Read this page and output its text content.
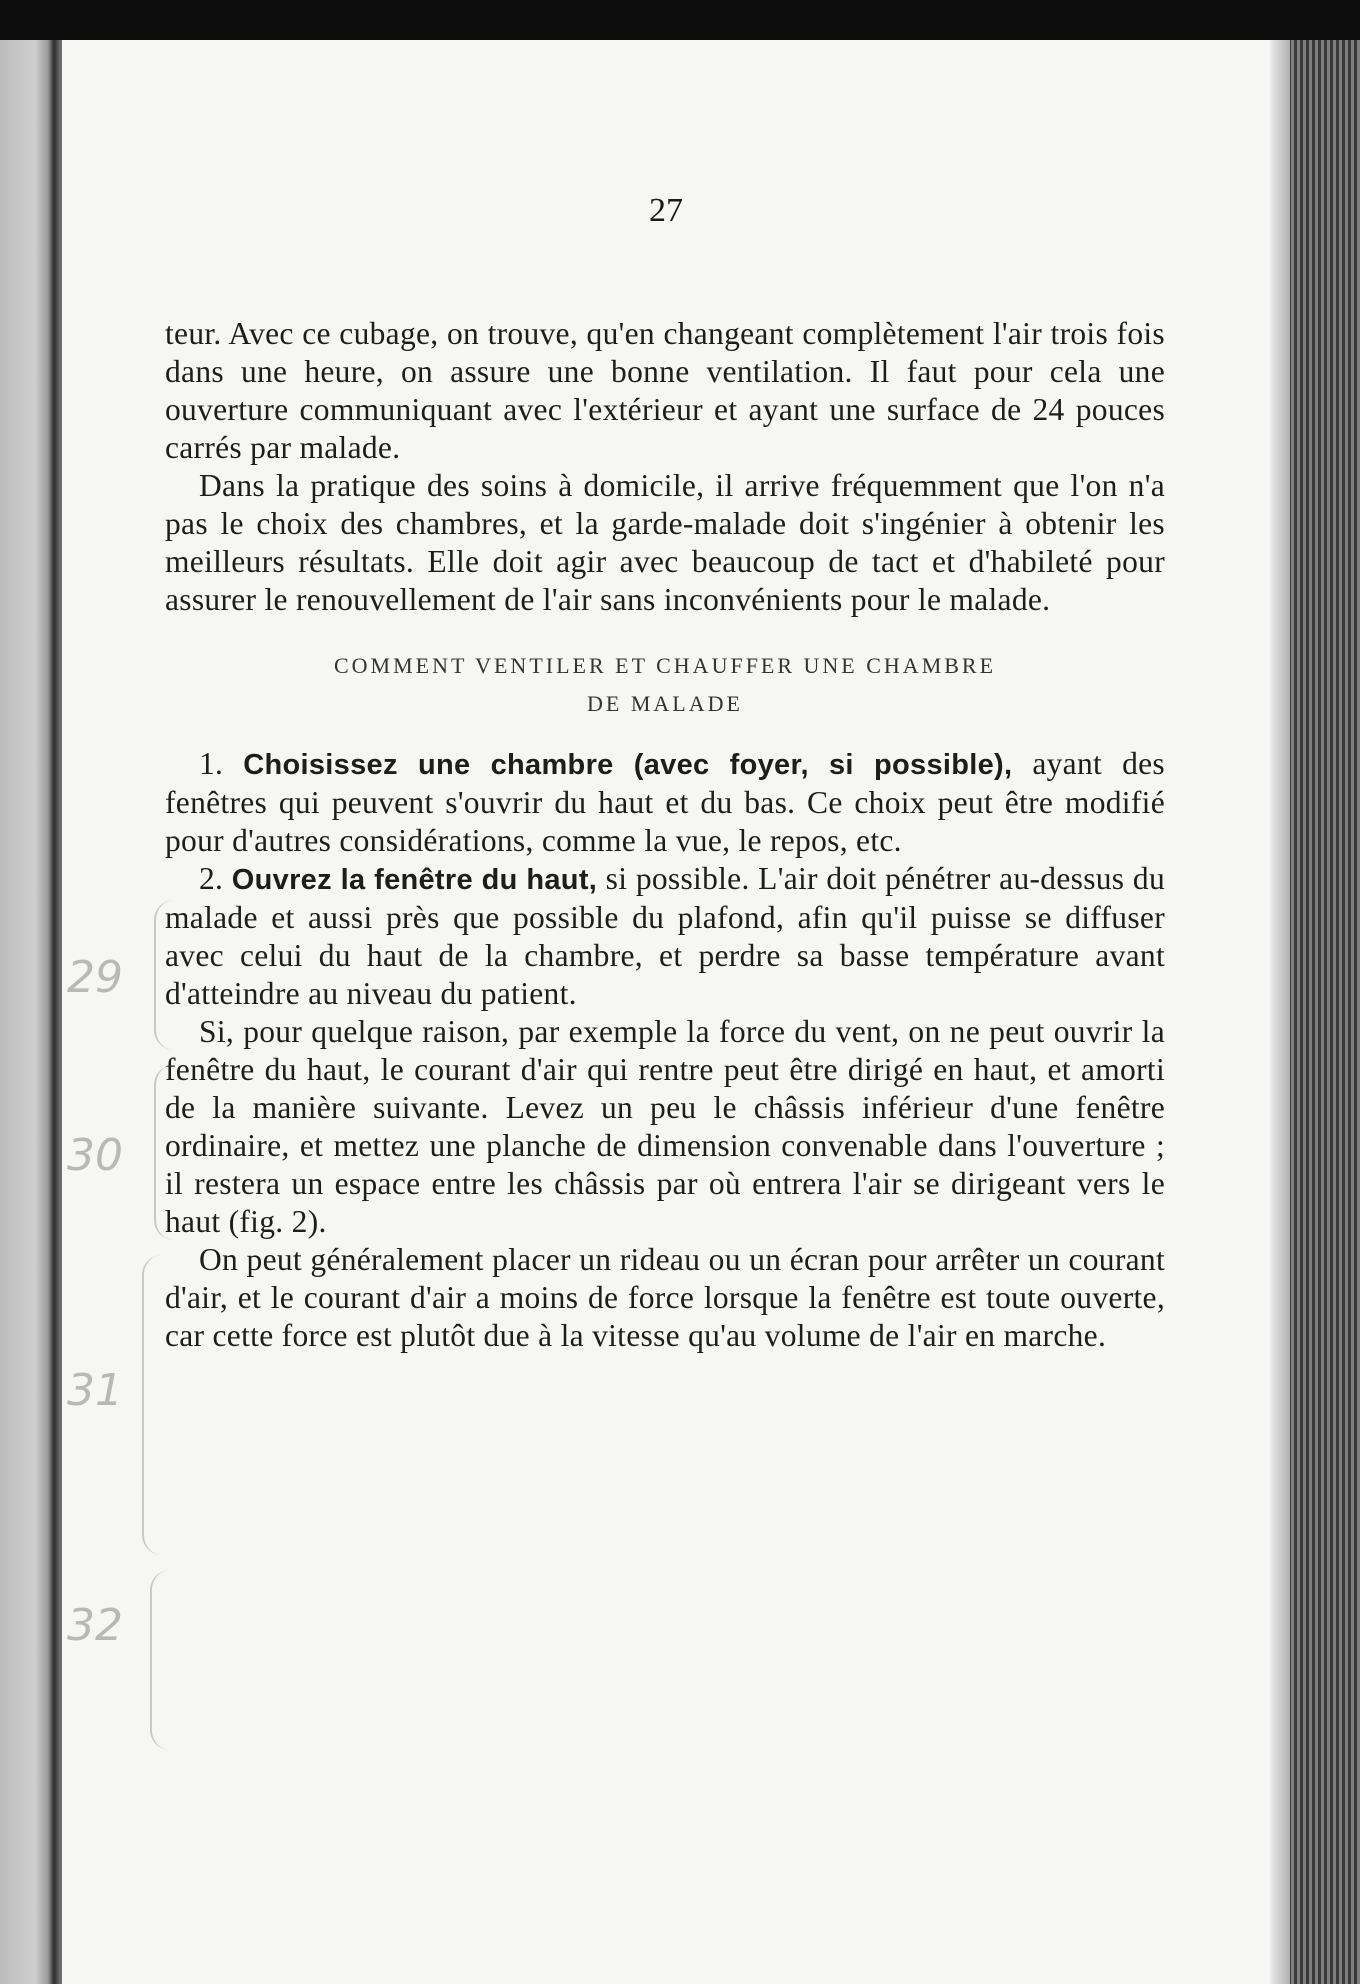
27

teur. Avec ce cubage, on trouve, qu'en changeant complètement l'air trois fois dans une heure, on assure une bonne ventilation. Il faut pour cela une ouverture communiquant avec l'extérieur et ayant une surface de 24 pouces carrés par malade.

Dans la pratique des soins à domicile, il arrive fréquemment que l'on n'a pas le choix des chambres, et la garde-malade doit s'ingénier à obtenir les meilleurs résultats. Elle doit agir avec beaucoup de tact et d'habileté pour assurer le renouvellement de l'air sans inconvénients pour le malade.

COMMENT VENTILER ET CHAUFFER UNE CHAMBRE
DE MALADE

1. Choisissez une chambre (avec foyer, si possible), ayant des fenêtres qui peuvent s'ouvrir du haut et du bas. Ce choix peut être modifié pour d'autres considérations, comme la vue, le repos, etc.

2. Ouvrez la fenêtre du haut, si possible. L'air doit pénétrer au-dessus du malade et aussi près que possible du plafond, afin qu'il puisse se diffuser avec celui du haut de la chambre, et perdre sa basse température avant d'atteindre au niveau du patient.

Si, pour quelque raison, par exemple la force du vent, on ne peut ouvrir la fenêtre du haut, le courant d'air qui rentre peut être dirigé en haut, et amorti de la manière suivante. Levez un peu le châssis inférieur d'une fenêtre ordinaire, et mettez une planche de dimension convenable dans l'ouverture ; il restera un espace entre les châssis par où entrera l'air se dirigeant vers le haut (fig. 2).

On peut généralement placer un rideau ou un écran pour arrêter un courant d'air, et le courant d'air a moins de force lorsque la fenêtre est toute ouverte, car cette force est plutôt due à la vitesse qu'au volume de l'air en marche.

29
30
31
32
